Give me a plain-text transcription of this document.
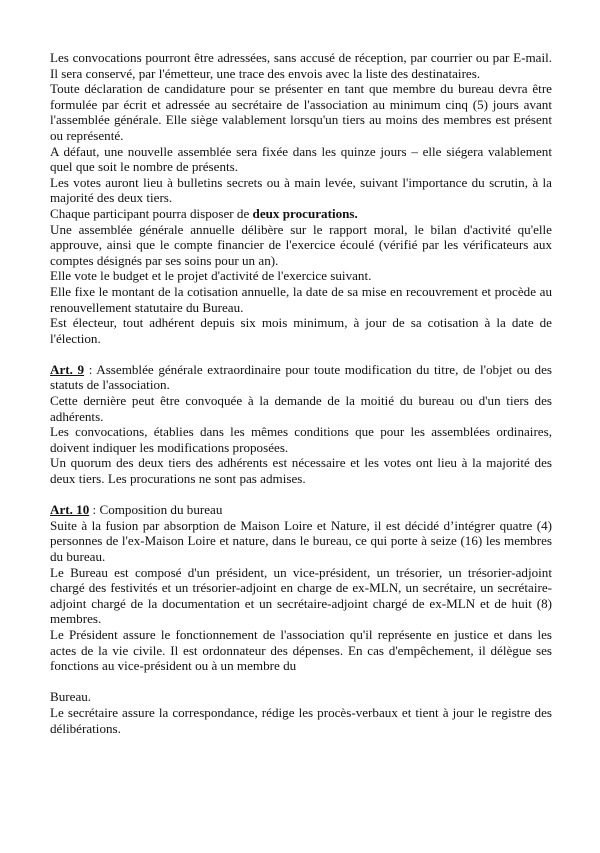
Les convocations pourront être adressées, sans accusé de réception, par courrier ou par E-mail. Il sera conservé, par l'émetteur, une trace des envois avec la liste des destinataires.

Toute déclaration de candidature pour se présenter en tant que membre du bureau devra être formulée par écrit et adressée au secrétaire de l'association au minimum cinq (5) jours avant l'assemblée générale. Elle siège valablement lorsqu'un tiers au moins des membres est présent ou représenté.

A défaut, une nouvelle assemblée sera fixée dans les quinze jours – elle siégera valablement quel que soit le nombre de présents.

Les votes auront lieu à bulletins secrets ou à main levée, suivant l'importance du scrutin, à la majorité des deux tiers.

Chaque participant pourra disposer de deux procurations.

Une assemblée générale annuelle délibère sur le rapport moral, le bilan d'activité qu'elle approuve, ainsi que le compte financier de l'exercice écoulé (vérifié par les vérificateurs aux comptes désignés par ses soins pour un an).

Elle vote le budget et le projet d'activité de l'exercice suivant.

Elle fixe le montant de la cotisation annuelle, la date de sa mise en recouvrement et procède au renouvellement statutaire du Bureau.

Est électeur, tout adhérent depuis six mois minimum, à jour de sa cotisation à la date de l'élection.

Art. 9 : Assemblée générale extraordinaire pour toute modification du titre, de l'objet ou des statuts de l'association.

Cette dernière peut être convoquée à la demande de la moitié du bureau ou d'un tiers des adhérents.

Les convocations, établies dans les mêmes conditions que pour les assemblées ordinaires, doivent indiquer les modifications proposées.

Un quorum des deux tiers des adhérents est nécessaire et les votes ont lieu à la majorité des deux tiers. Les procurations ne sont pas admises.

Art. 10 : Composition du bureau

Suite à la fusion par absorption de Maison Loire et Nature, il est décidé d’intégrer quatre (4) personnes de l'ex-Maison Loire et nature, dans le bureau, ce qui porte à seize (16) les membres du bureau.

Le Bureau est composé d'un président, un vice-président, un trésorier, un trésorier-adjoint chargé des festivités et un trésorier-adjoint en charge de ex-MLN, un secrétaire, un secrétaire-adjoint chargé de la documentation et un secrétaire-adjoint chargé de ex-MLN et de huit (8) membres.

Le Président assure le fonctionnement de l'association qu'il représente en justice et dans les actes de la vie civile. Il est ordonnateur des dépenses. En cas d'empêchement, il délègue ses fonctions au vice-président ou à un membre du

Bureau.

Le secrétaire assure la correspondance, rédige les procès-verbaux et tient à jour le registre des délibérations.
